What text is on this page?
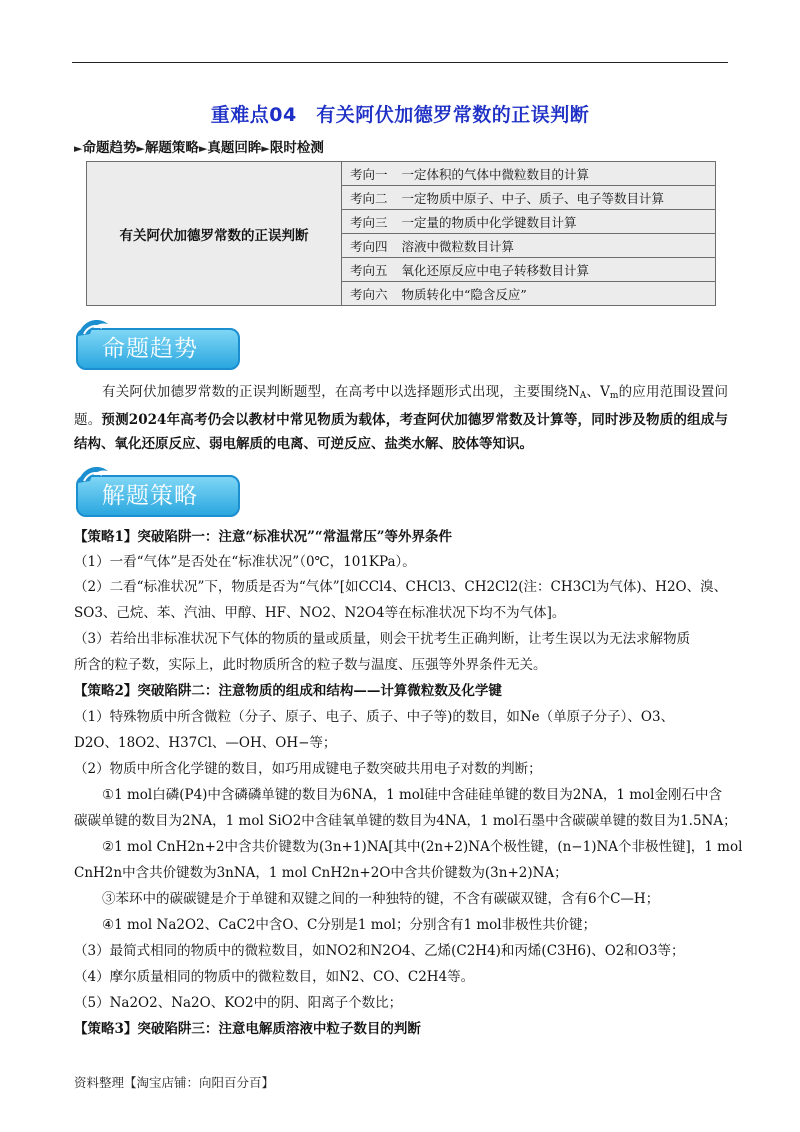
重难点04　有关阿伏加德罗常数的正误判断
►命题趋势►解题策略►真题回眸►限时检测
有关阿伏加德罗常数的正误判断	考向一 一定体积的气体中微粒数目的计算
考向二 一定物质中原子、中子、质子、电子等数目计算
考向三 一定量的物质中化学键数目计算
考向四 溶液中微粒数目计算
考向五 氧化还原反应中电子转移数目计算
考向六 物质转化中“隐含反应”
命题趋势
有关阿伏加德罗常数的正误判断题型，在高考中以选择题形式出现，主要围绕$N_A$、$V_m$的应用范围设置问题。预测2024年高考仍会以教材中常见物质为载体，考查阿伏加德罗常数及计算等，同时涉及物质的组成与结构、氧化还原反应、弱电解质的电离、可逆反应、盐类水解、胶体等知识。
解题策略
【策略1】突破陷阱一：注意“标准状况”“常温常压”等外界条件
（1）一看“气体”是否处在“标准状况”（0℃，101KPa）。
（2）二看“标准状况”下，物质是否为“气体”[如CCl4、CHCl3、CH2Cl2(注：CH3Cl为气体)、H2O、溴、
SO3、己烷、苯、汽油、甲醇、HF、NO2、N2O4等在标准状况下均不为气体]。
（3）若给出非标准状况下气体的物质的量或质量，则会干扰考生正确判断，让考生误以为无法求解物质
所含的粒子数，实际上，此时物质所含的粒子数与温度、压强等外界条件无关。
【策略2】突破陷阱二：注意物质的组成和结构——计算微粒数及化学键
（1）特殊物质中所含微粒（分子、原子、电子、质子、中子等)的数目，如Ne（单原子分子）、O3、
D2O、18O2、H37Cl、—OH、OH−等；
（2）物质中所含化学键的数目，如巧用成键电子数突破共用电子对数的判断；
①1 mol白磷(P4)中含磷磷单键的数目为6NA，1 mol硅中含硅硅单键的数目为2NA，1 mol金刚石中含
碳碳单键的数目为2NA，1 mol SiO2中含硅氧单键的数目为4NA，1 mol石墨中含碳碳单键的数目为1.5NA；
②1 mol CnH2n+2中含共价键数为(3n+1)NA[其中(2n+2)NA个极性键，(n−1)NA个非极性键]，1 mol
CnH2n中含共价键数为3nNA，1 mol CnH2n+2O中含共价键数为(3n+2)NA；
③苯环中的碳碳键是介于单键和双键之间的一种独特的键，不含有碳碳双键，含有6个C—H；
④1 mol Na2O2、CaC2中含O、C分别是1 mol；分别含有1 mol非极性共价键；
（3）最简式相同的物质中的微粒数目，如NO2和N2O4、乙烯(C2H4)和丙烯(C3H6)、O2和O3等；
（4）摩尔质量相同的物质中的微粒数目，如N2、CO、C2H4等。
（5）Na2O2、Na2O、KO2中的阴、阳离子个数比；
【策略3】突破陷阱三：注意电解质溶液中粒子数目的判断
资料整理【淘宝店铺：向阳百分百】
